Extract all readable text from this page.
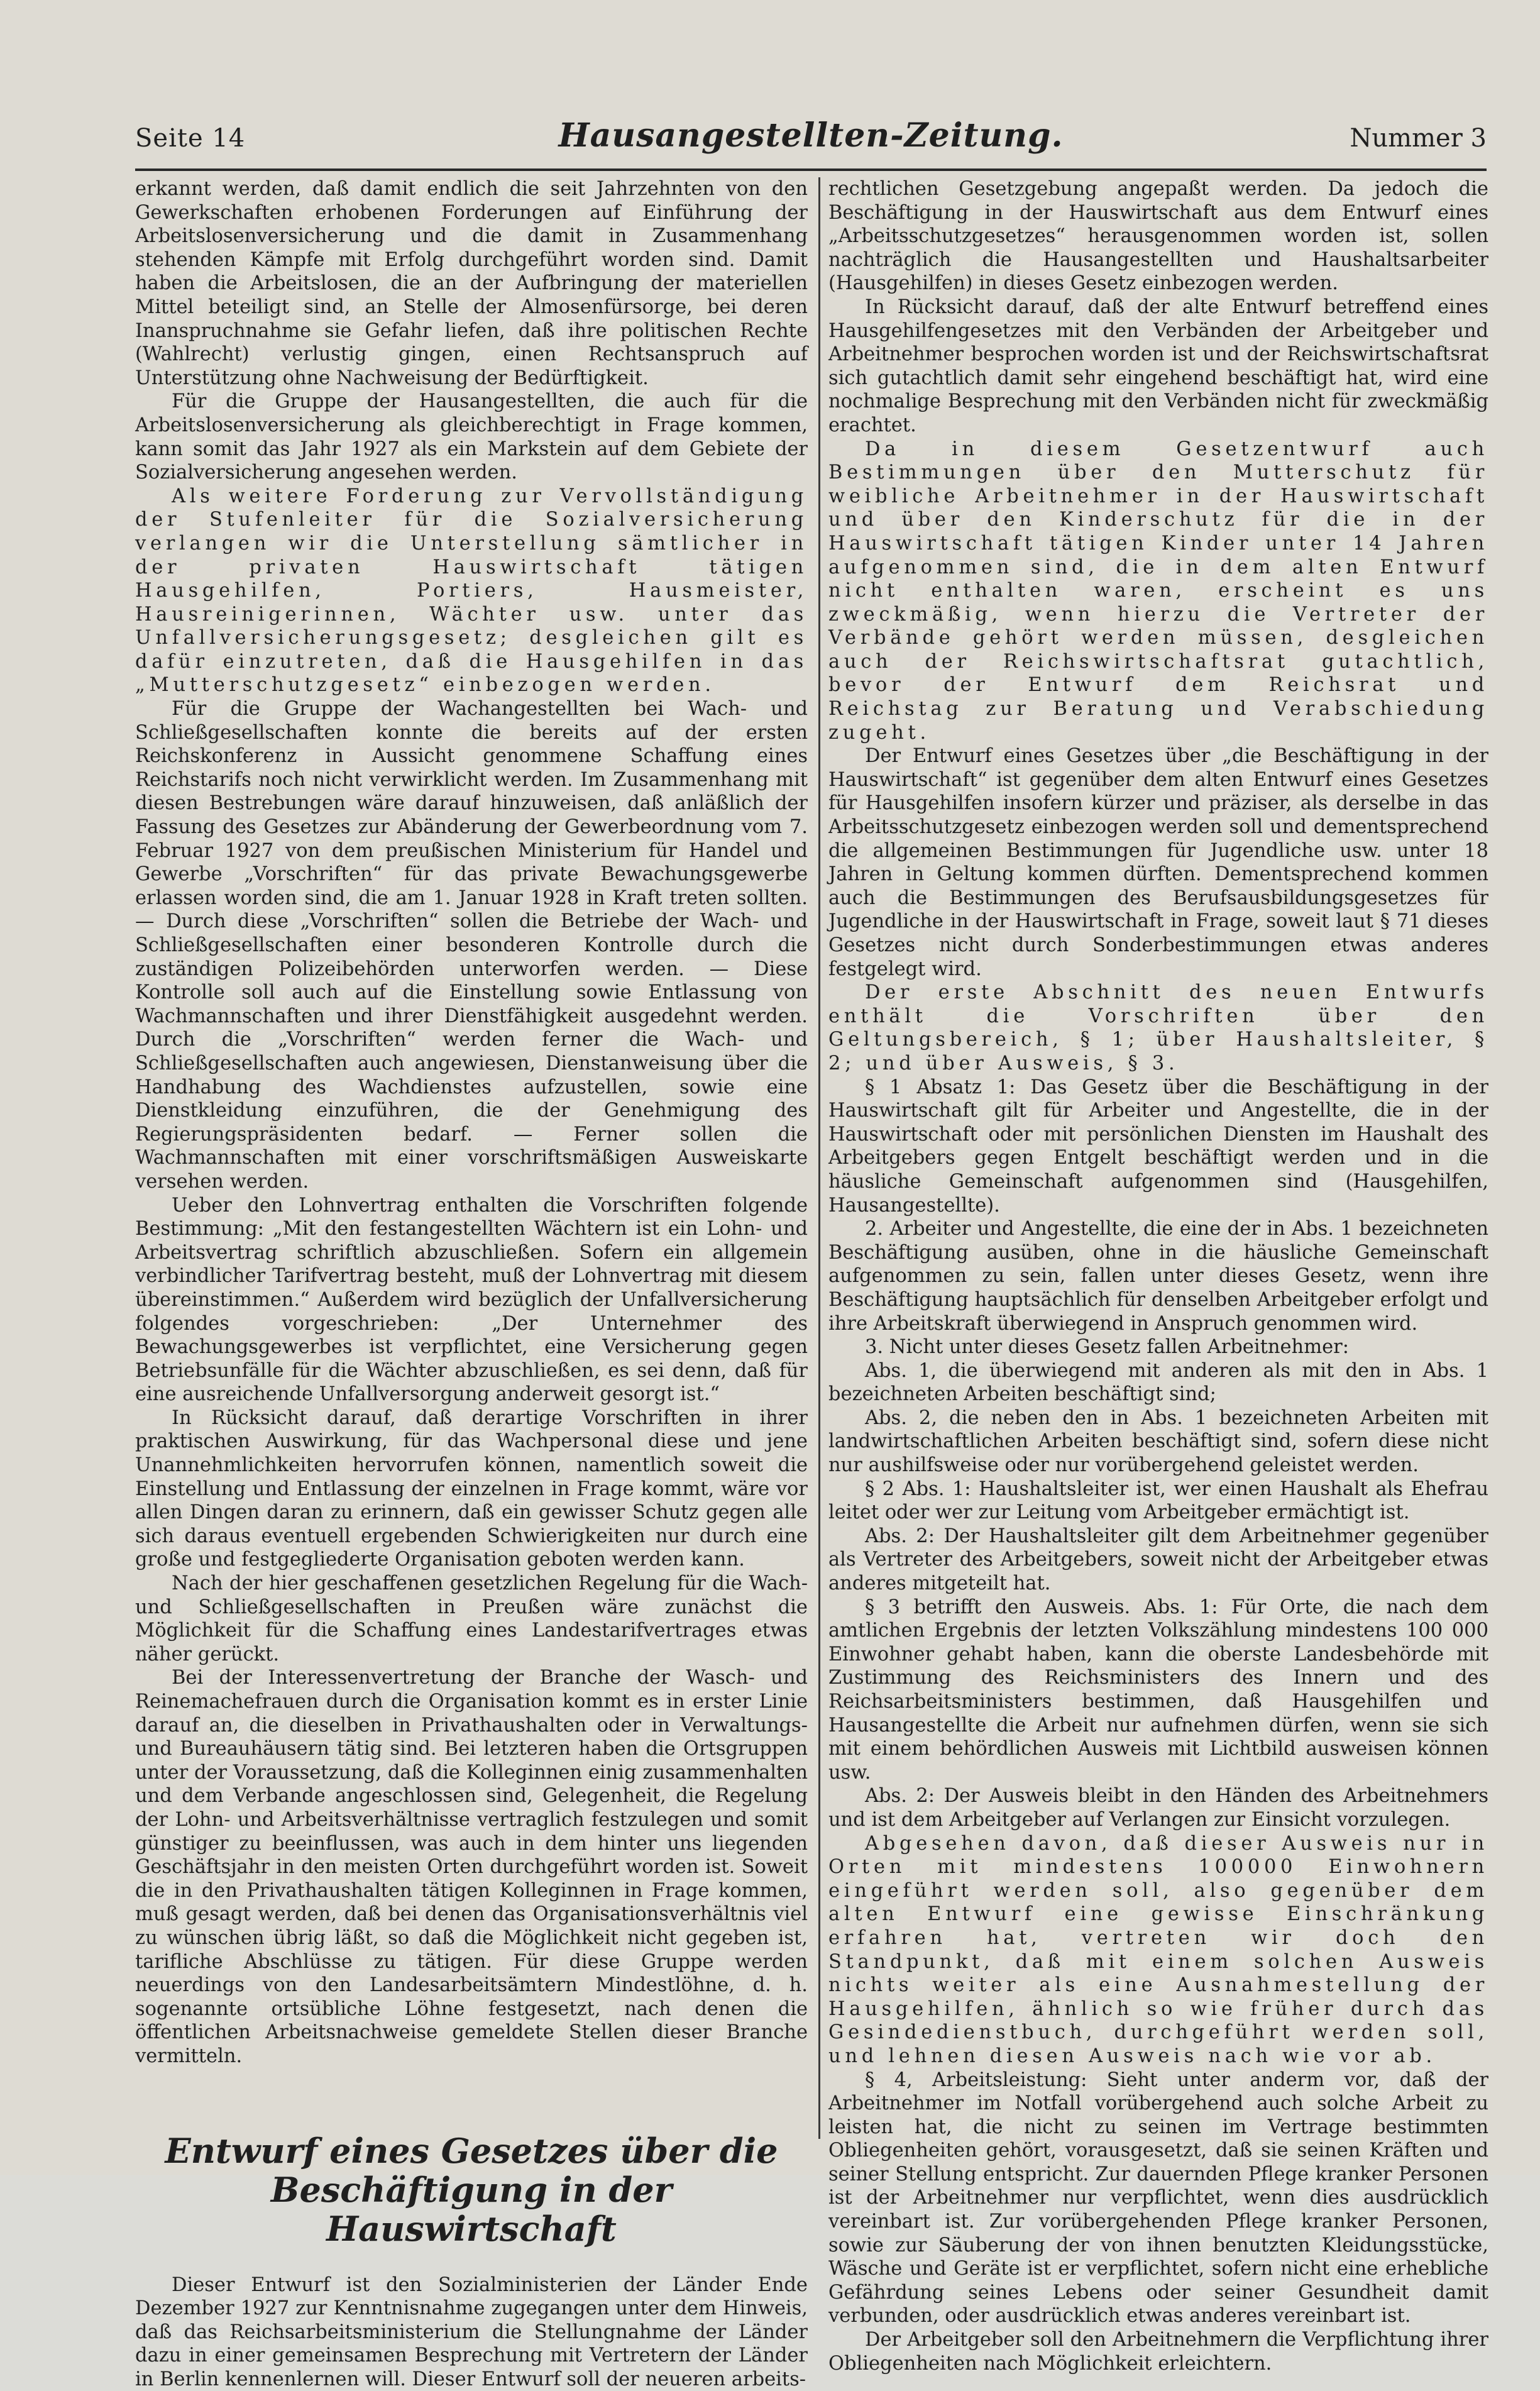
Seite 14	Hausangestellten-Zeitung.	Nummer 3

erkannt werden, daß damit endlich die seit Jahrzehnten von den Gewerkschaften erhobenen Forderungen auf Einführung der Arbeitslosenversicherung und die damit in Zusammenhang stehenden Kämpfe mit Erfolg durchgeführt worden sind. Damit haben die Arbeitslosen, die an der Aufbringung der materiellen Mittel beteiligt sind, an Stelle der Almosenfürsorge, bei deren Inanspruchnahme sie Gefahr liefen, daß ihre politischen Rechte (Wahlrecht) verlustig gingen, einen Rechtsanspruch auf Unterstützung ohne Nachweisung der Bedürftigkeit.

Für die Gruppe der Hausangestellten, die auch für die Arbeitslosenversicherung als gleichberechtigt in Frage kommen, kann somit das Jahr 1927 als ein Markstein auf dem Gebiete der Sozialversicherung angesehen werden.

Als weitere Forderung zur Vervollständigung der Stufenleiter für die Sozialversicherung verlangen wir die Unterstellung sämtlicher in der privaten Hauswirtschaft tätigen Hausgehilfen, Portiers, Hausmeister, Hausreinigerinnen, Wächter usw. unter das Unfallversicherungsgesetz; desgleichen gilt es dafür einzutreten, daß die Hausgehilfen in das „Mutterschutzgesetz“ einbezogen werden.

Für die Gruppe der Wachangestellten bei Wach- und Schließgesellschaften konnte die bereits auf der ersten Reichskonferenz in Aussicht genommene Schaffung eines Reichstarifs noch nicht verwirklicht werden. Im Zusammenhang mit diesen Bestrebungen wäre darauf hinzuweisen, daß anläßlich der Fassung des Gesetzes zur Abänderung der Gewerbeordnung vom 7. Februar 1927 von dem preußischen Ministerium für Handel und Gewerbe „Vorschriften“ für das private Bewachungsgewerbe erlassen worden sind, die am 1. Januar 1928 in Kraft treten sollten. — Durch diese „Vorschriften“ sollen die Betriebe der Wach- und Schließgesellschaften einer besonderen Kontrolle durch die zuständigen Polizeibehörden unterworfen werden. — Diese Kontrolle soll auch auf die Einstellung sowie Entlassung von Wachmannschaften und ihrer Dienstfähigkeit ausgedehnt werden. Durch die „Vorschriften“ werden ferner die Wach- und Schließgesellschaften auch angewiesen, Dienstanweisung über die Handhabung des Wachdienstes aufzustellen, sowie eine Dienstkleidung einzuführen, die der Genehmigung des Regierungspräsidenten bedarf. — Ferner sollen die Wachmannschaften mit einer vorschriftsmäßigen Ausweiskarte versehen werden.

Ueber den Lohnvertrag enthalten die Vorschriften folgende Bestimmung: „Mit den festangestellten Wächtern ist ein Lohn- und Arbeitsvertrag schriftlich abzuschließen. Sofern ein allgemein verbindlicher Tarifvertrag besteht, muß der Lohnvertrag mit diesem übereinstimmen.“ Außerdem wird bezüglich der Unfallversicherung folgendes vorgeschrieben: „Der Unternehmer des Bewachungsgewerbes ist verpflichtet, eine Versicherung gegen Betriebsunfälle für die Wächter abzuschließen, es sei denn, daß für eine ausreichende Unfallversorgung anderweit gesorgt ist.“

In Rücksicht darauf, daß derartige Vorschriften in ihrer praktischen Auswirkung, für das Wachpersonal diese und jene Unannehmlichkeiten hervorrufen können, namentlich soweit die Einstellung und Entlassung der einzelnen in Frage kommt, wäre vor allen Dingen daran zu erinnern, daß ein gewisser Schutz gegen alle sich daraus eventuell ergebenden Schwierigkeiten nur durch eine große und festgegliederte Organisation geboten werden kann.

Nach der hier geschaffenen gesetzlichen Regelung für die Wach- und Schließgesellschaften in Preußen wäre zunächst die Möglichkeit für die Schaffung eines Landestarifvertrages etwas näher gerückt.

Bei der Interessenvertretung der Branche der Wasch- und Reinemachefrauen durch die Organisation kommt es in erster Linie darauf an, die dieselben in Privathaushalten oder in Verwaltungs- und Bureauhäusern tätig sind. Bei letzteren haben die Ortsgruppen unter der Voraussetzung, daß die Kolleginnen einig zusammenhalten und dem Verbande angeschlossen sind, Gelegenheit, die Regelung der Lohn- und Arbeitsverhältnisse vertraglich festzulegen und somit günstiger zu beeinflussen, was auch in dem hinter uns liegenden Geschäftsjahr in den meisten Orten durchgeführt worden ist. Soweit die in den Privathaushalten tätigen Kolleginnen in Frage kommen, muß gesagt werden, daß bei denen das Organisationsverhältnis viel zu wünschen übrig läßt, so daß die Möglichkeit nicht gegeben ist, tarifliche Abschlüsse zu tätigen. Für diese Gruppe werden neuerdings von den Landesarbeitsämtern Mindestlöhne, d. h. sogenannte ortsübliche Löhne festgesetzt, nach denen die öffentlichen Arbeitsnachweise gemeldete Stellen dieser Branche vermitteln.

Entwurf eines Gesetzes über die Beschäftigung in der Hauswirtschaft

Dieser Entwurf ist den Sozialministerien der Länder Ende Dezember 1927 zur Kenntnisnahme zugegangen unter dem Hinweis, daß das Reichsarbeitsministerium die Stellungnahme der Länder dazu in einer gemeinsamen Besprechung mit Vertretern der Länder in Berlin kennenlernen will. Dieser Entwurf soll der neueren arbeits-

rechtlichen Gesetzgebung angepaßt werden. Da jedoch die Beschäftigung in der Hauswirtschaft aus dem Entwurf eines „Arbeitsschutzgesetzes“ herausgenommen worden ist, sollen nachträglich die Hausangestellten und Haushaltsarbeiter (Hausgehilfen) in dieses Gesetz einbezogen werden.

In Rücksicht darauf, daß der alte Entwurf betreffend eines Hausgehilfengesetzes mit den Verbänden der Arbeitgeber und Arbeitnehmer besprochen worden ist und der Reichswirtschaftsrat sich gutachtlich damit sehr eingehend beschäftigt hat, wird eine nochmalige Besprechung mit den Verbänden nicht für zweckmäßig erachtet.

Da in diesem Gesetzentwurf auch Bestimmungen über den Mutterschutz für weibliche Arbeitnehmer in der Hauswirtschaft und über den Kinderschutz für die in der Hauswirtschaft tätigen Kinder unter 14 Jahren aufgenommen sind, die in dem alten Entwurf nicht enthalten waren, erscheint es uns zweckmäßig, wenn hierzu die Vertreter der Verbände gehört werden müssen, desgleichen auch der Reichswirtschaftsrat gutachtlich, bevor der Entwurf dem Reichsrat und Reichstag zur Beratung und Verabschiedung zugeht.

Der Entwurf eines Gesetzes über „die Beschäftigung in der Hauswirtschaft“ ist gegenüber dem alten Entwurf eines Gesetzes für Hausgehilfen insofern kürzer und präziser, als derselbe in das Arbeitsschutzgesetz einbezogen werden soll und dementsprechend die allgemeinen Bestimmungen für Jugendliche usw. unter 18 Jahren in Geltung kommen dürften. Dementsprechend kommen auch die Bestimmungen des Berufsausbildungsgesetzes für Jugendliche in der Hauswirtschaft in Frage, soweit laut § 71 dieses Gesetzes nicht durch Sonderbestimmungen etwas anderes festgelegt wird.

Der erste Abschnitt des neuen Entwurfs enthält die Vorschriften über den Geltungsbereich, § 1; über Haushaltsleiter, § 2; und über Ausweis, § 3.

§ 1 Absatz 1: Das Gesetz über die Beschäftigung in der Hauswirtschaft gilt für Arbeiter und Angestellte, die in der Hauswirtschaft oder mit persönlichen Diensten im Haushalt des Arbeitgebers gegen Entgelt beschäftigt werden und in die häusliche Gemeinschaft aufgenommen sind (Hausgehilfen, Hausangestellte).

2. Arbeiter und Angestellte, die eine der in Abs. 1 bezeichneten Beschäftigung ausüben, ohne in die häusliche Gemeinschaft aufgenommen zu sein, fallen unter dieses Gesetz, wenn ihre Beschäftigung hauptsächlich für denselben Arbeitgeber erfolgt und ihre Arbeitskraft überwiegend in Anspruch genommen wird.

3. Nicht unter dieses Gesetz fallen Arbeitnehmer:

Abs. 1, die überwiegend mit anderen als mit den in Abs. 1 bezeichneten Arbeiten beschäftigt sind;

Abs. 2, die neben den in Abs. 1 bezeichneten Arbeiten mit landwirtschaftlichen Arbeiten beschäftigt sind, sofern diese nicht nur aushilfsweise oder nur vorübergehend geleistet werden.

§ 2 Abs. 1: Haushaltsleiter ist, wer einen Haushalt als Ehefrau leitet oder wer zur Leitung vom Arbeitgeber ermächtigt ist.

Abs. 2: Der Haushaltsleiter gilt dem Arbeitnehmer gegenüber als Vertreter des Arbeitgebers, soweit nicht der Arbeitgeber etwas anderes mitgeteilt hat.

§ 3 betrifft den Ausweis. Abs. 1: Für Orte, die nach dem amtlichen Ergebnis der letzten Volkszählung mindestens 100 000 Einwohner gehabt haben, kann die oberste Landesbehörde mit Zustimmung des Reichsministers des Innern und des Reichsarbeitsministers bestimmen, daß Hausgehilfen und Hausangestellte die Arbeit nur aufnehmen dürfen, wenn sie sich mit einem behördlichen Ausweis mit Lichtbild ausweisen können usw.

Abs. 2: Der Ausweis bleibt in den Händen des Arbeitnehmers und ist dem Arbeitgeber auf Verlangen zur Einsicht vorzulegen.

Abgesehen davon, daß dieser Ausweis nur in Orten mit mindestens 100000 Einwohnern eingeführt werden soll, also gegenüber dem alten Entwurf eine gewisse Einschränkung erfahren hat, vertreten wir doch den Standpunkt, daß mit einem solchen Ausweis nichts weiter als eine Ausnahmestellung der Hausgehilfen, ähnlich so wie früher durch das Gesindedienstbuch, durchgeführt werden soll, und lehnen diesen Ausweis nach wie vor ab.

§ 4, Arbeitsleistung: Sieht unter anderm vor, daß der Arbeitnehmer im Notfall vorübergehend auch solche Arbeit zu leisten hat, die nicht zu seinen im Vertrage bestimmten Obliegenheiten gehört, vorausgesetzt, daß sie seinen Kräften und seiner Stellung entspricht. Zur dauernden Pflege kranker Personen ist der Arbeitnehmer nur verpflichtet, wenn dies ausdrücklich vereinbart ist. Zur vorübergehenden Pflege kranker Personen, sowie zur Säuberung der von ihnen benutzten Kleidungsstücke, Wäsche und Geräte ist er verpflichtet, sofern nicht eine erhebliche Gefährdung seines Lebens oder seiner Gesundheit damit verbunden, oder ausdrücklich etwas anderes vereinbart ist.

Der Arbeitgeber soll den Arbeitnehmern die Verpflichtung ihrer Obliegenheiten nach Möglichkeit erleichtern.
